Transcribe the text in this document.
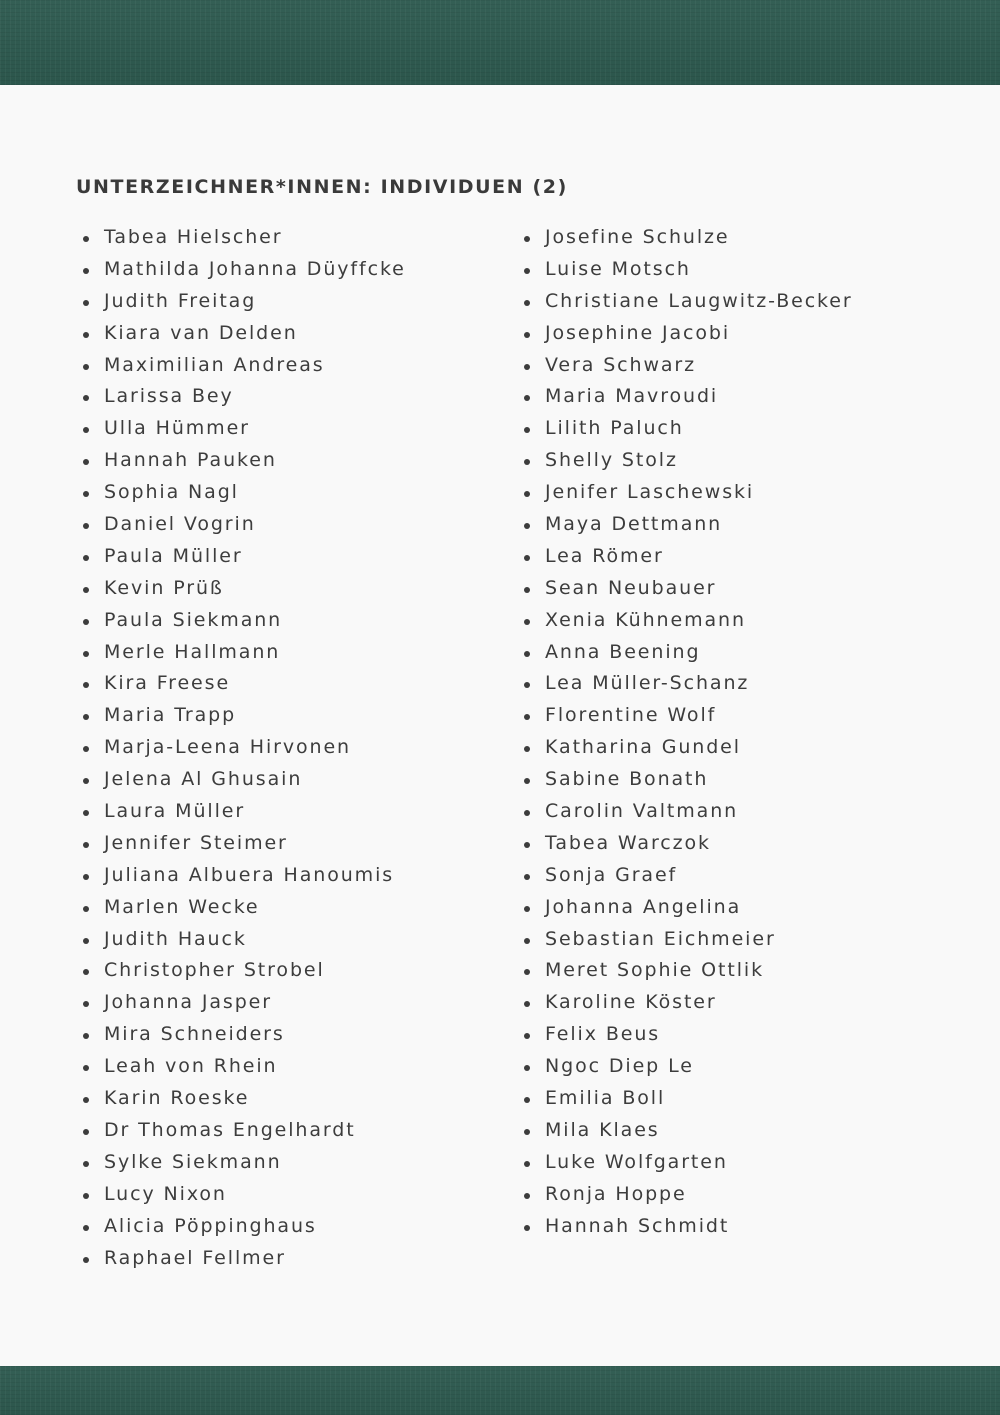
UNTERZEICHNER*INNEN: INDIVIDUEN (2)
Tabea Hielscher
Mathilda Johanna Düyffcke
Judith Freitag
Kiara van Delden
Maximilian Andreas
Larissa Bey
Ulla Hümmer
Hannah Pauken
Sophia Nagl
Daniel Vogrin
Paula Müller
Kevin Prüß
Paula Siekmann
Merle Hallmann
Kira Freese
Maria Trapp
Marja-Leena Hirvonen
Jelena Al Ghusain
Laura Müller
Jennifer Steimer
Juliana Albuera Hanoumis
Marlen Wecke
Judith Hauck
Christopher Strobel
Johanna Jasper
Mira Schneiders
Leah von Rhein
Karin Roeske
Dr Thomas Engelhardt
Sylke Siekmann
Lucy Nixon
Alicia Pöppinghaus
Raphael Fellmer
Josefine Schulze
Luise Motsch
Christiane Laugwitz-Becker
Josephine Jacobi
Vera Schwarz
Maria Mavroudi
Lilith Paluch
Shelly Stolz
Jenifer Laschewski
Maya Dettmann
Lea Römer
Sean Neubauer
Xenia Kühnemann
Anna Beening
Lea Müller-Schanz
Florentine Wolf
Katharina Gundel
Sabine Bonath
Carolin Valtmann
Tabea Warczok
Sonja Graef
Johanna Angelina
Sebastian Eichmeier
Meret Sophie Ottlik
Karoline Köster
Felix Beus
Ngoc Diep Le
Emilia Boll
Mila Klaes
Luke Wolfgarten
Ronja Hoppe
Hannah Schmidt
